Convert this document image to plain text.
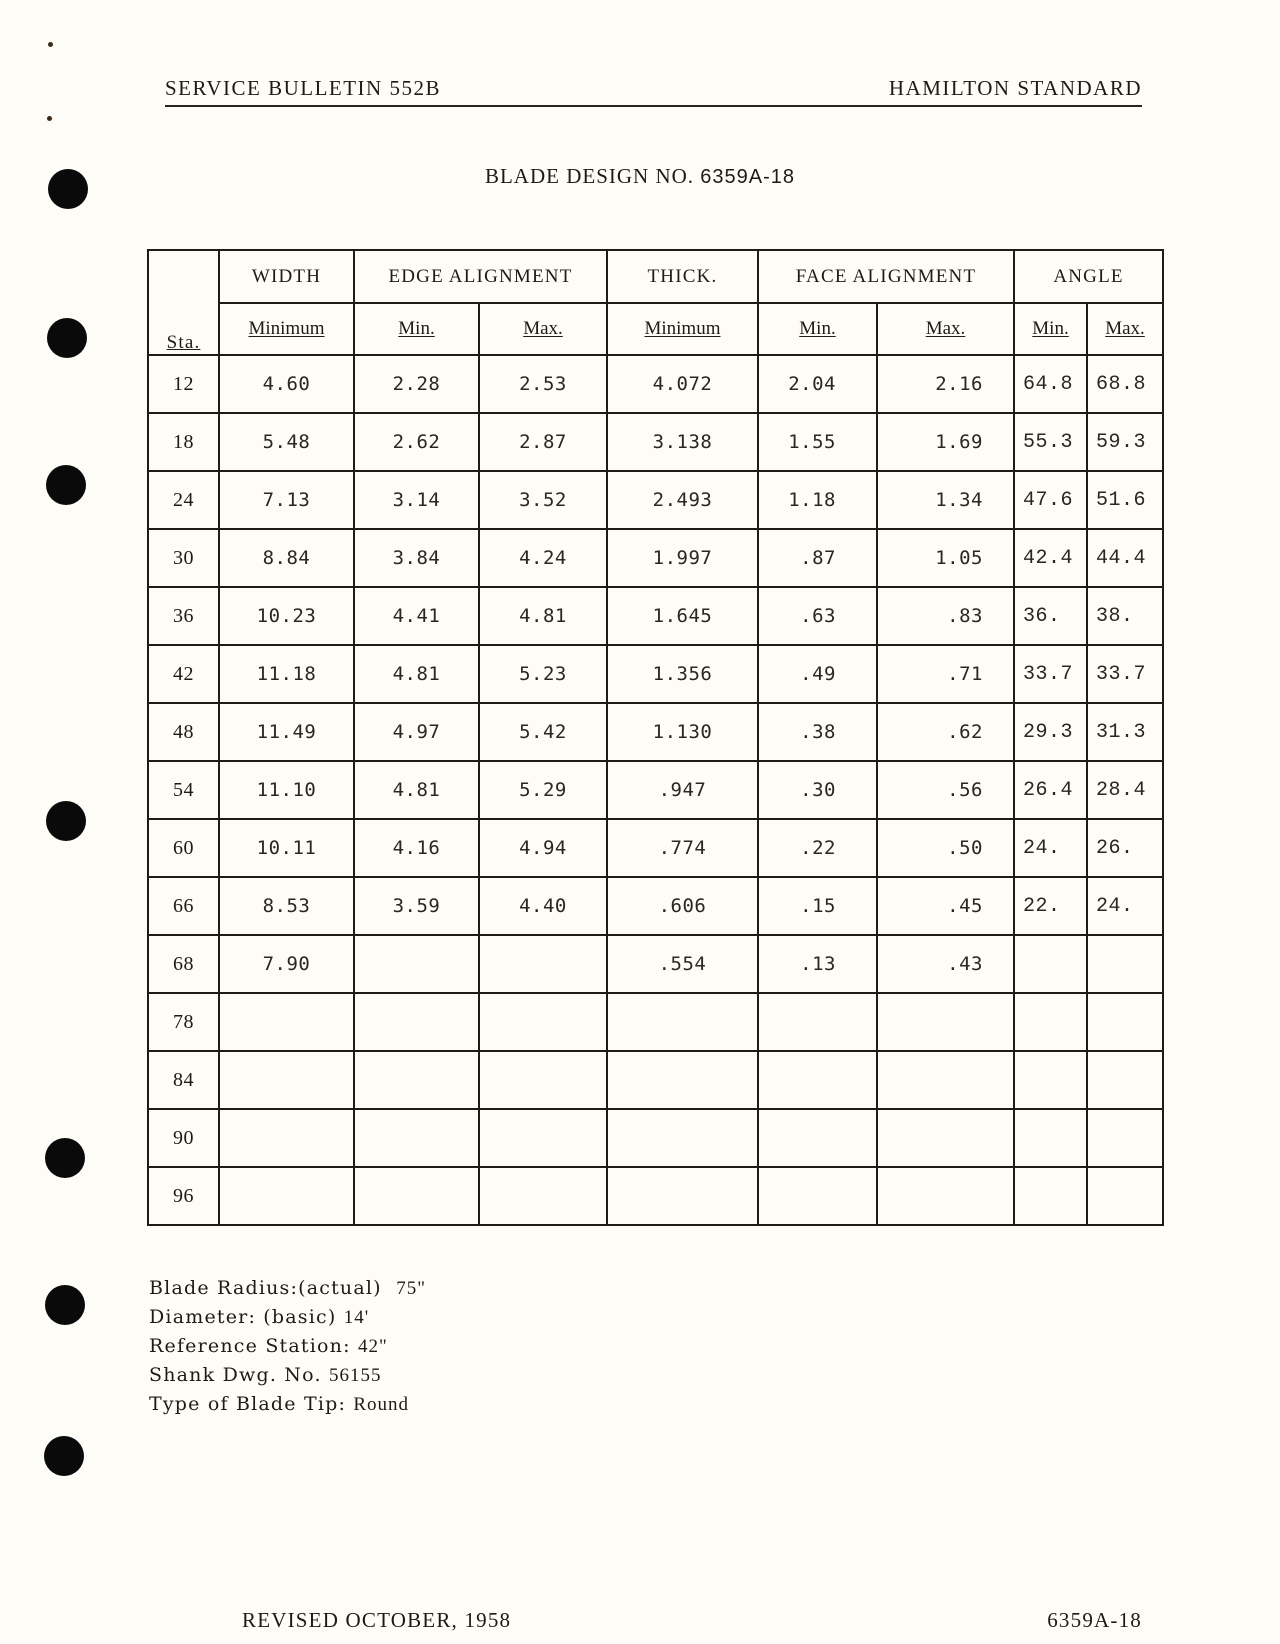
SERVICE BULLETIN 552B	HAMILTON STANDARD
BLADE DESIGN NO. 6359A-18
Sta.	WIDTH	EDGE ALIGNMENT		THICK.	FACE ALIGNMENT		ANGLE	
	Minimum	Min.	Max.	Minimum	Min.	Max.	Min.	Max.
12	4.60	2.28	2.53	4.072	2.04	2.16	64.8	68.8
18	5.48	2.62	2.87	3.138	1.55	1.69	55.3	59.3
24	7.13	3.14	3.52	2.493	1.18	1.34	47.6	51.6
30	8.84	3.84	4.24	1.997	.87	1.05	42.4	44.4
36	10.23	4.41	4.81	1.645	.63	.83	36.	38.
42	11.18	4.81	5.23	1.356	.49	.71	33.7	33.7
48	11.49	4.97	5.42	1.130	.38	.62	29.3	31.3
54	11.10	4.81	5.29	.947	.30	.56	26.4	28.4
60	10.11	4.16	4.94	.774	.22	.50	24.	26.
66	8.53	3.59	4.40	.606	.15	.45	22.	24.
68	7.90			.554	.13	.43		
78								
84								
90								
96								
Blade Radius:(actual) 75"
Diameter: (basic) 14'
Reference Station: 42"
Shank Dwg. No. 56155
Type of Blade Tip: Round
REVISED OCTOBER, 1958	6359A-18
